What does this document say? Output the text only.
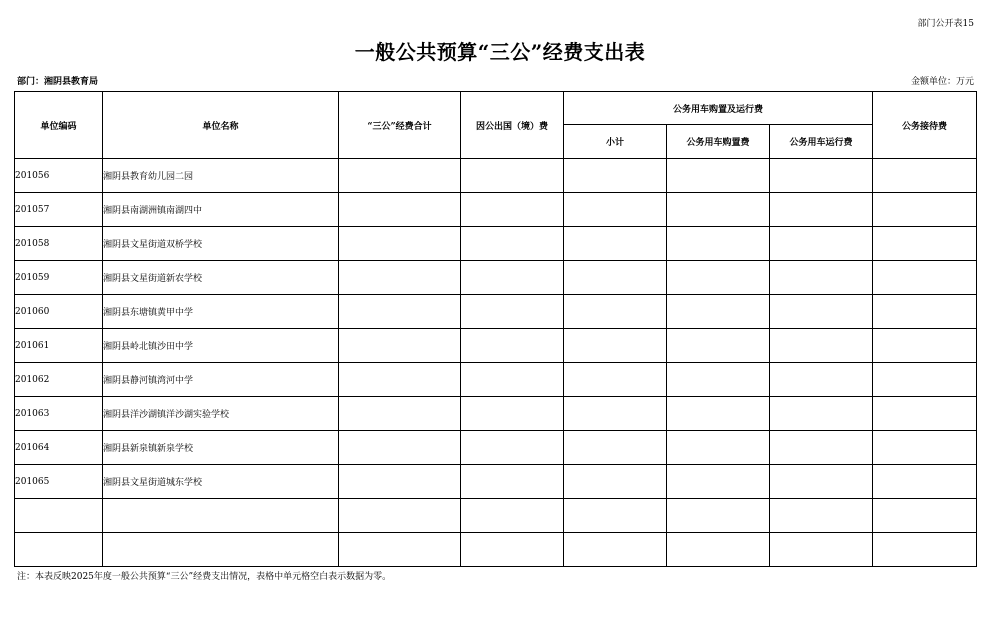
部门公开表15
一般公共预算“三公”经费支出表
部门：湘阴县教育局	金额单位：万元
单位编码	单位名称	“三公”经费合计	因公出国（境）费	公务用车购置及运行费			公务接待费
				小计	公务用车购置费	公务用车运行费	
201056	湘阴县教育幼儿园二园						
201057	湘阴县南湖洲镇南湖四中						
201058	湘阴县文星街道双桥学校						
201059	湘阴县文星街道新农学校						
201060	湘阴县东塘镇黄甲中学						
201061	湘阴县岭北镇沙田中学						
201062	湘阴县静河镇湾河中学						
201063	湘阴县洋沙湖镇洋沙湖实验学校						
201064	湘阴县新泉镇新泉学校						
201065	湘阴县文星街道城东学校						

注：本表反映2025年度一般公共预算“三公”经费支出情况，表格中单元格空白表示数据为零。
